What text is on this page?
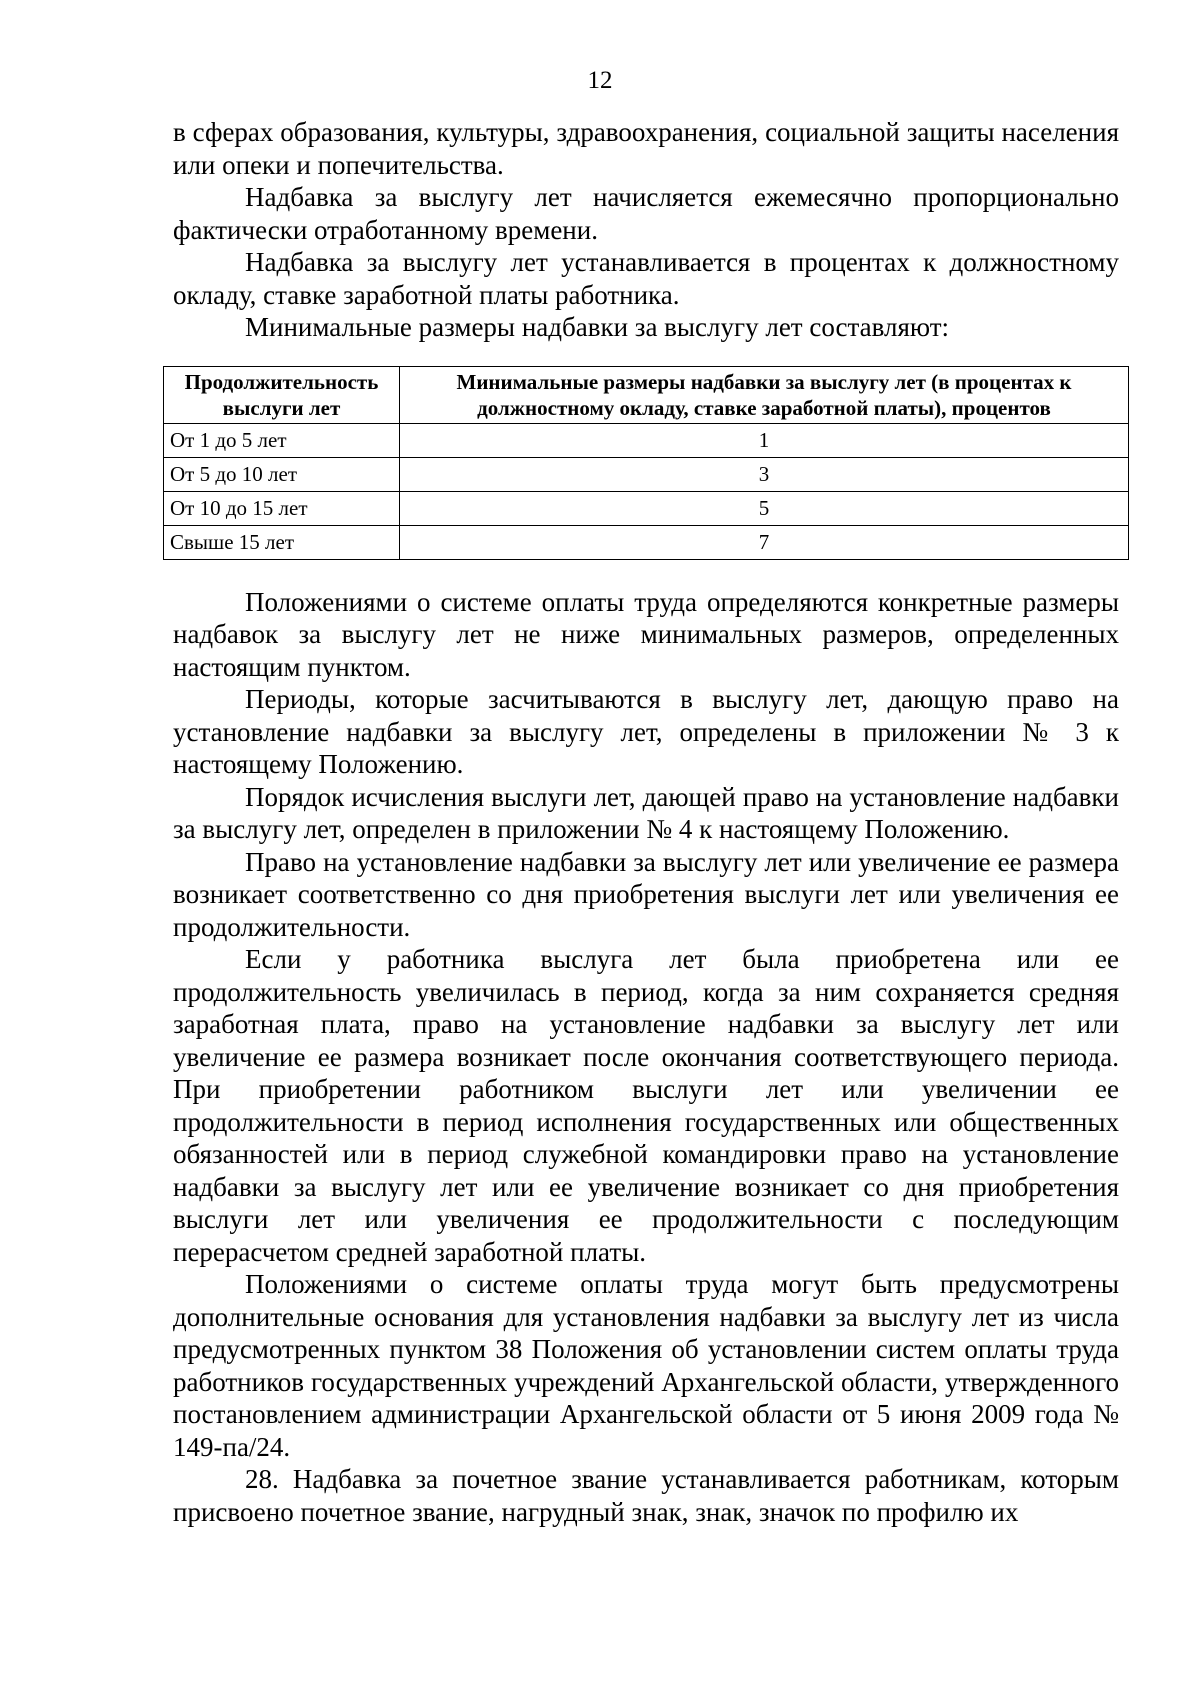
12

в сферах образования, культуры, здравоохранения, социальной защиты населения или опеки и попечительства.

Надбавка за выслугу лет начисляется ежемесячно пропорционально фактически отработанному времени.

Надбавка за выслугу лет устанавливается в процентах к должностному окладу, ставке заработной платы работника.

Минимальные размеры надбавки за выслугу лет составляют:

Продолжительность выслуги лет	Минимальные размеры надбавки за выслугу лет (в процентах к должностному окладу, ставке заработной платы), процентов
От 1 до 5 лет	1
От 5 до 10 лет	3
От 10 до 15 лет	5
Свыше 15 лет	7

Положениями о системе оплаты труда определяются конкретные размеры надбавок за выслугу лет не ниже минимальных размеров, определенных настоящим пунктом.

Периоды, которые засчитываются в выслугу лет, дающую право на установление надбавки за выслугу лет, определены в приложении № 3 к настоящему Положению.

Порядок исчисления выслуги лет, дающей право на установление надбавки за выслугу лет, определен в приложении № 4 к настоящему Положению.

Право на установление надбавки за выслугу лет или увеличение ее размера возникает соответственно со дня приобретения выслуги лет или увеличения ее продолжительности.

Если у работника выслуга лет была приобретена или ее продолжительность увеличилась в период, когда за ним сохраняется средняя заработная плата, право на установление надбавки за выслугу лет или увеличение ее размера возникает после окончания соответствующего периода. При приобретении работником выслуги лет или увеличении ее продолжительности в период исполнения государственных или общественных обязанностей или в период служебной командировки право на установление надбавки за выслугу лет или ее увеличение возникает со дня приобретения выслуги лет или увеличения ее продолжительности с последующим перерасчетом средней заработной платы.

Положениями о системе оплаты труда могут быть предусмотрены дополнительные основания для установления надбавки за выслугу лет из числа предусмотренных пунктом 38 Положения об установлении систем оплаты труда работников государственных учреждений Архангельской области, утвержденного постановлением администрации Архангельской области от 5 июня 2009 года № 149-па/24.

28. Надбавка за почетное звание устанавливается работникам, которым присвоено почетное звание, нагрудный знак, знак, значок по профилю их
